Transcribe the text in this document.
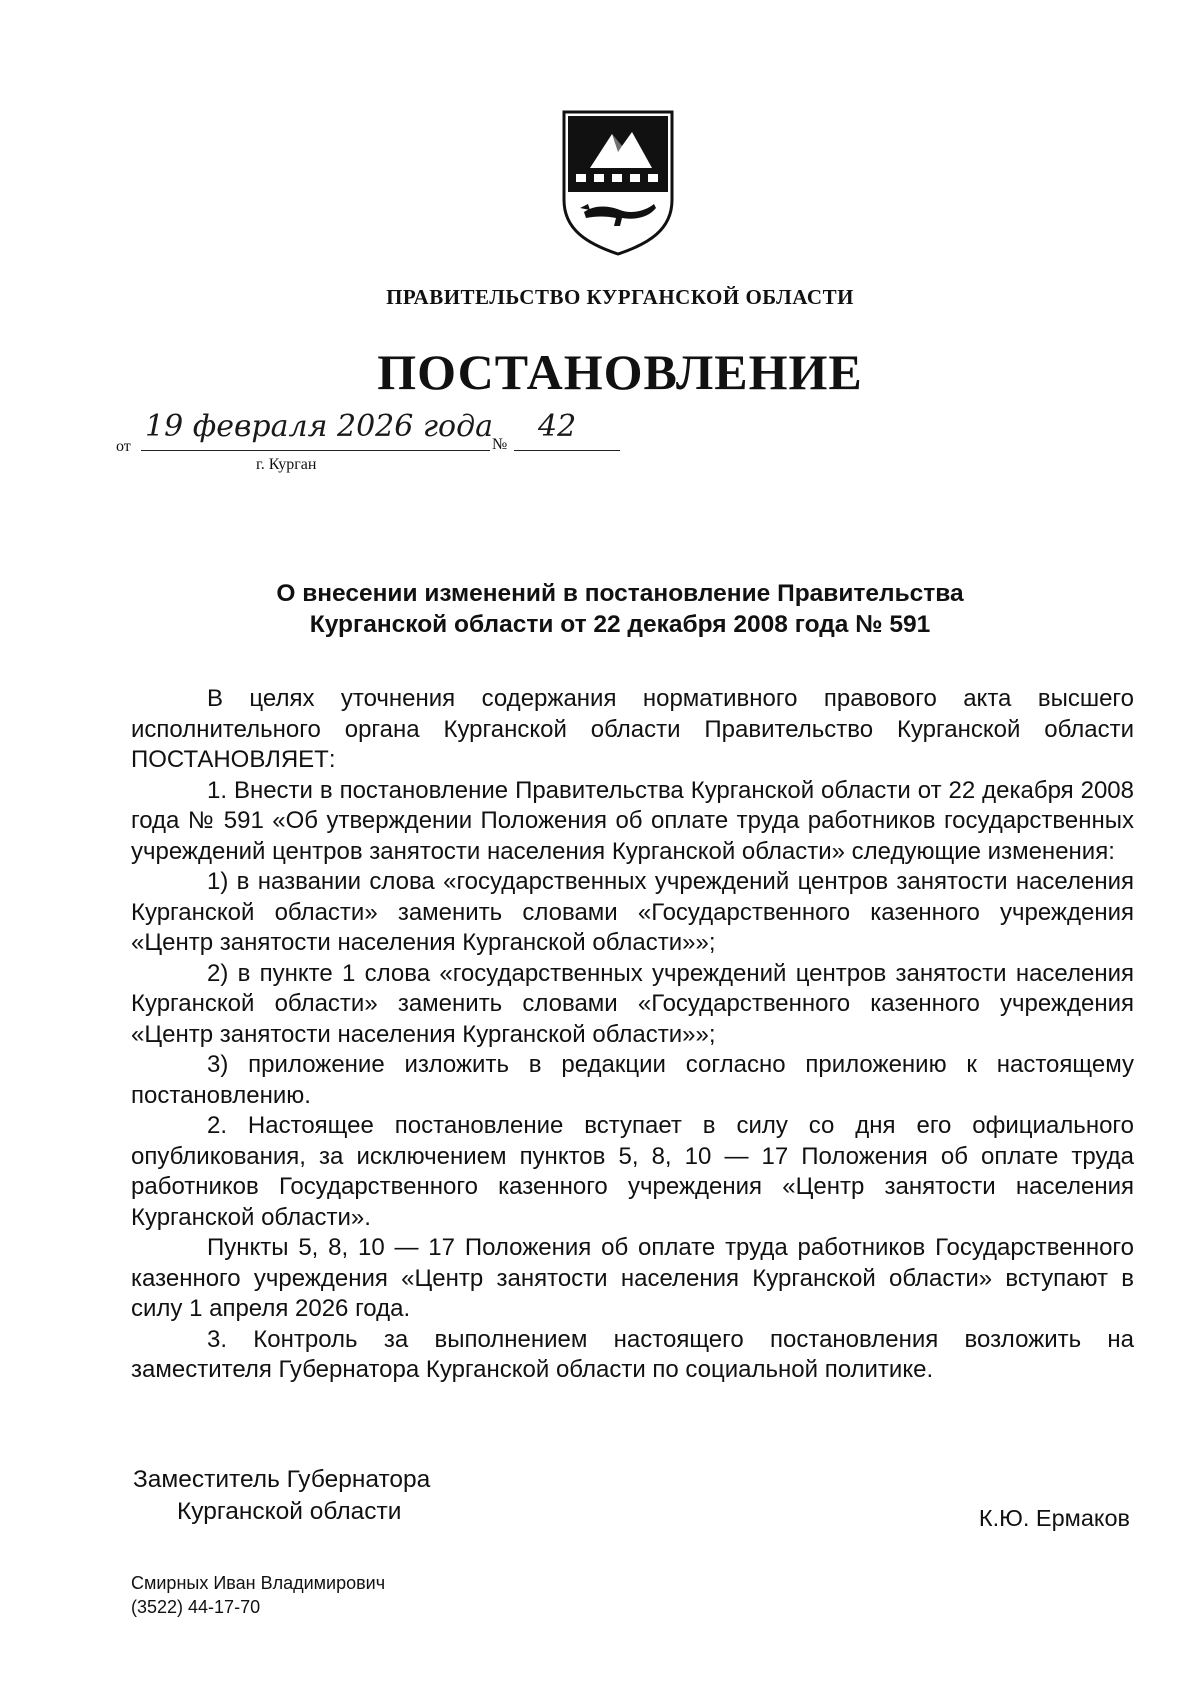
ПРАВИТЕЛЬСТВО КУРГАНСКОЙ ОБЛАСТИ
ПОСТАНОВЛЕНИЕ
от
19 февраля 2026 года
№
42
г. Курган
О внесении изменений в постановление Правительства
Курганской области от 22 декабря 2008 года № 591

В целях уточнения содержания нормативного правового акта высшего исполнительного органа Курганской области Правительство Курганской области ПОСТАНОВЛЯЕТ:

1. Внести в постановление Правительства Курганской области от 22 декабря 2008 года № 591 «Об утверждении Положения об оплате труда работников государственных учреждений центров занятости населения Курганской области» следующие изменения:

1) в названии слова «государственных учреждений центров занятости населения Курганской области» заменить словами «Государственного казенного учреждения «Центр занятости населения Курганской области»»;

2) в пункте 1 слова «государственных учреждений центров занятости населения Курганской области» заменить словами «Государственного казенного учреждения «Центр занятости населения Курганской области»»;

3) приложение изложить в редакции согласно приложению к настоящему постановлению.

2. Настоящее постановление вступает в силу со дня его официального опубликования, за исключением пунктов 5, 8, 10 — 17 Положения об оплате труда работников Государственного казенного учреждения «Центр занятости населения Курганской области».

Пункты 5, 8, 10 — 17 Положения об оплате труда работников Государственного казенного учреждения «Центр занятости населения Курганской области» вступают в силу 1 апреля 2026 года.

3. Контроль за выполнением настоящего постановления возложить на заместителя Губернатора Курганской области по социальной политике.

Заместитель Губернатора
Курганской области	К.Ю. Ермаков
Смирных Иван Владимирович
(3522) 44-17-70
